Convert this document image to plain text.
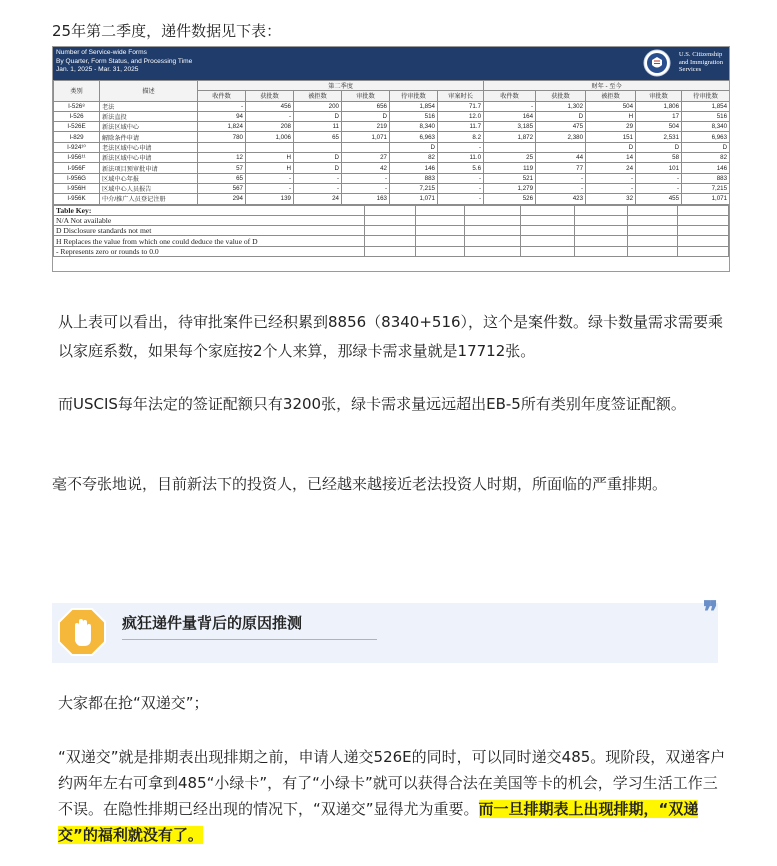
25年第二季度，递件数据见下表：
Number of Service-wide Forms
By Quarter, Form Status, and Processing Time
Jan. 1, 2025 - Mar. 31, 2025
U.S. Citizenship
and Immigration
Services
类别	描述	第二季度						财年 - 至今				
		收件数	获批数	被拒数	审批数	待审批数	审案时长	收件数	获批数	被拒数	审批数	待审批数
I-526⁸	老法	-	456	200	656	1,854	71.7	-	1,302	504	1,806	1,854
I-526	新法直投	94	-	D	D	516	12.0	164	D	H	17	516
I-526E	新法区域中心	1,824	208	11	219	8,340	11.7	3,185	475	29	504	8,340
I-829	解除条件申请	780	1,006	65	1,071	6,963	8.2	1,872	2,380	151	2,531	6,963
I-924¹⁰	老法区域中心申请					D	-			D	D	D
I-956¹¹	新法区域中心申请	12	H	D	27	82	11.0	25	44	14	58	82
I-956F	新法项目预审批申请	57	H	D	42	146	5.6	119	77	24	101	146
I-956G	区域中心年报	65	-	-	-	883	-	521	-	-	-	883
I-956H	区域中心人员报告	567	-	-	-	7,215	-	1,279	-	-	-	7,215
I-956K	中介/推广人员登记注册	294	139	24	163	1,071	-	526	423	32	455	1,071
Table Key:							
N/A Not available							
D Disclosure standards not met							
H Replaces the value from which one could deduce the value of D							
- Represents zero or rounds to 0.0							
从上表可以看出，待审批案件已经积累到8856（8340+516），这个是案件数。绿卡数量需求需要乘以家庭系数，如果每个家庭按2个人来算，那绿卡需求量就是17712张。
而USCIS每年法定的签证配额只有3200张，绿卡需求量远远超出EB-5所有类别年度签证配额。
毫不夸张地说，目前新法下的投资人，已经越来越接近老法投资人时期，所面临的严重排期。
疯狂递件量背后的原因推测	❞
大家都在抢“双递交”；
“双递交”就是排期表出现排期之前，申请人递交526E的同时，可以同时递交485。现阶段，双递客户约两年左右可拿到485“小绿卡”，有了“小绿卡”就可以获得合法在美国等卡的机会，学习生活工作三不误。在隐性排期已经出现的情况下，“双递交”显得尤为重要。而一旦排期表上出现排期，“双递交”的福利就没有了。
